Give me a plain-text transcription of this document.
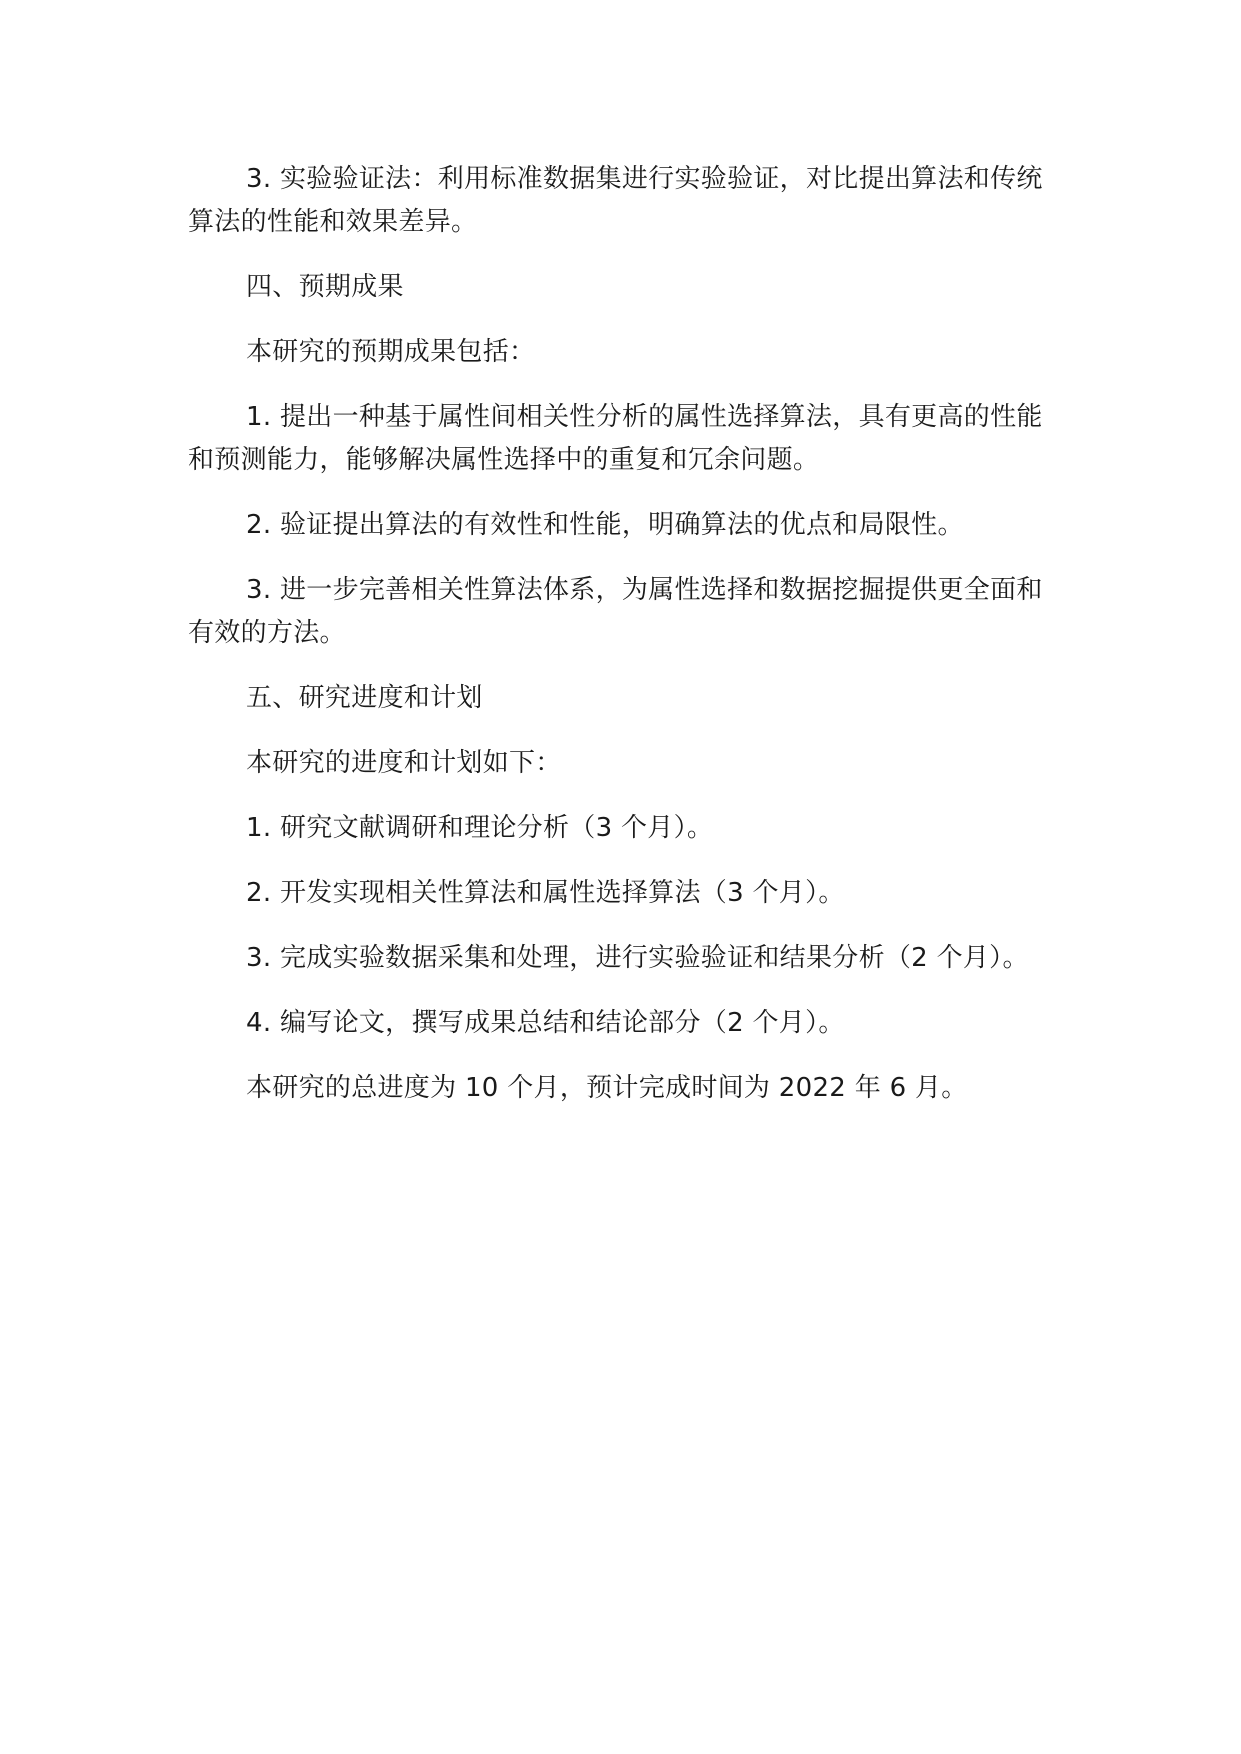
3. 实验验证法：利用标准数据集进行实验验证，对比提出算法和传统算法的性能和效果差异。

四、预期成果

本研究的预期成果包括：

1. 提出一种基于属性间相关性分析的属性选择算法，具有更高的性能和预测能力，能够解决属性选择中的重复和冗余问题。

2. 验证提出算法的有效性和性能，明确算法的优点和局限性。

3. 进一步完善相关性算法体系，为属性选择和数据挖掘提供更全面和有效的方法。

五、研究进度和计划

本研究的进度和计划如下：

1. 研究文献调研和理论分析（3 个月）。

2. 开发实现相关性算法和属性选择算法（3 个月）。

3. 完成实验数据采集和处理，进行实验验证和结果分析（2 个月）。

4. 编写论文，撰写成果总结和结论部分（2 个月）。

本研究的总进度为 10 个月，预计完成时间为 2022 年 6 月。
